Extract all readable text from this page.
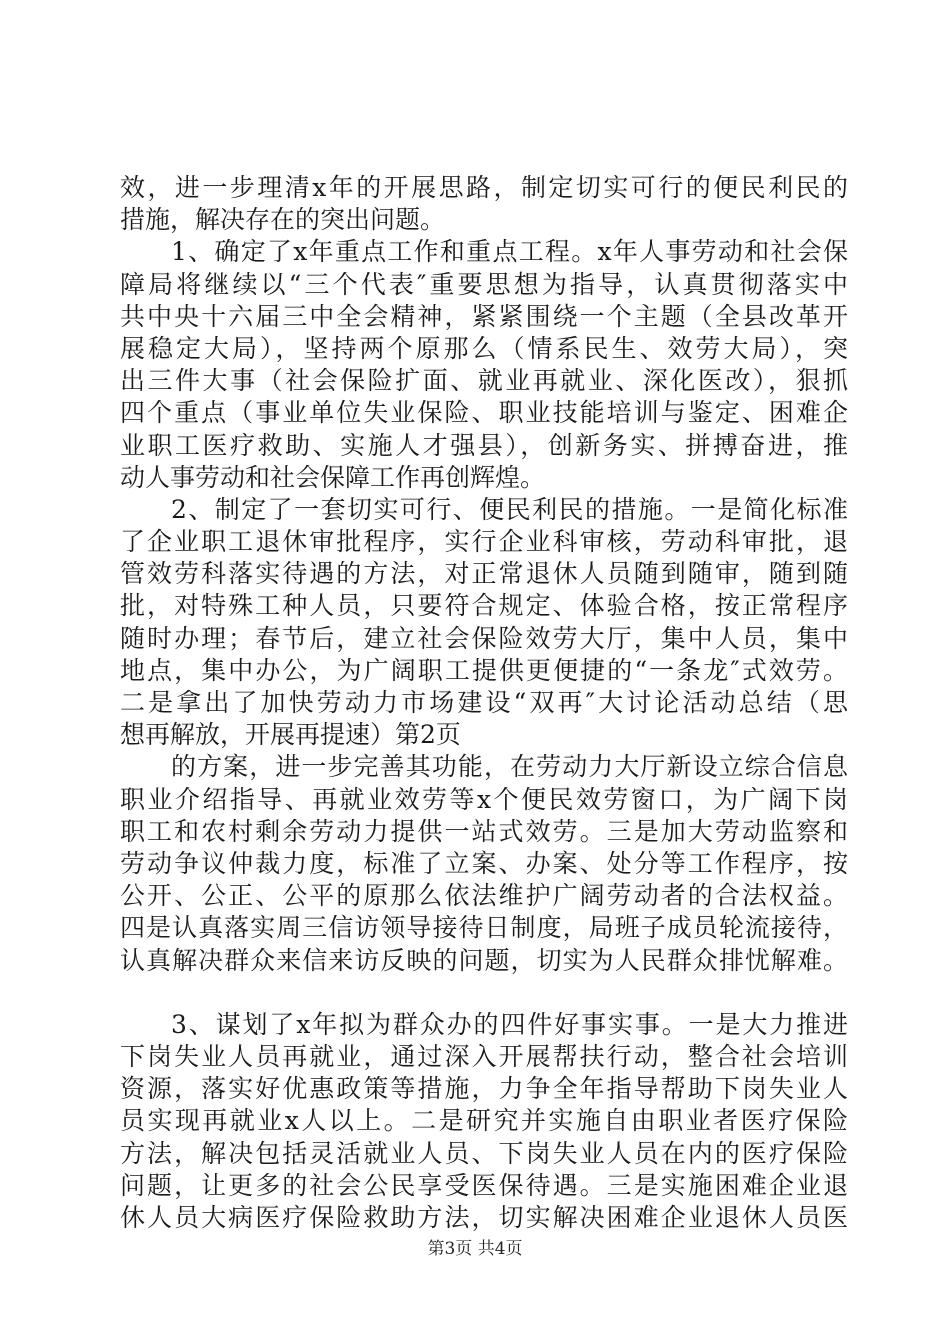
效，进一步理清x年的开展思路，制定切实可行的便民利民的
措施，解决存在的突出问题。
1、确定了x年重点工作和重点工程。x年人事劳动和社会保
障局将继续以“三个代表″重要思想为指导，认真贯彻落实中
共中央十六届三中全会精神，紧紧围绕一个主题（全县改革开
展稳定大局），坚持两个原那么（情系民生、效劳大局），突
出三件大事（社会保险扩面、就业再就业、深化医改），狠抓
四个重点（事业单位失业保险、职业技能培训与鉴定、困难企
业职工医疗救助、实施人才强县），创新务实、拼搏奋进，推
动人事劳动和社会保障工作再创辉煌。
2、制定了一套切实可行、便民利民的措施。一是简化标准
了企业职工退休审批程序，实行企业科审核，劳动科审批，退
管效劳科落实待遇的方法，对正常退休人员随到随审，随到随
批，对特殊工种人员，只要符合规定、体验合格，按正常程序
随时办理；春节后，建立社会保险效劳大厅，集中人员，集中
地点，集中办公，为广阔职工提供更便捷的“一条龙″式效劳。
二是拿出了加快劳动力市场建设“双再″大讨论活动总结（思
想再解放，开展再提速）第2页
的方案，进一步完善其功能，在劳动力大厅新设立综合信息
职业介绍指导、再就业效劳等x个便民效劳窗口，为广阔下岗
职工和农村剩余劳动力提供一站式效劳。三是加大劳动监察和
劳动争议仲裁力度，标准了立案、办案、处分等工作程序，按
公开、公正、公平的原那么依法维护广阔劳动者的合法权益。
四是认真落实周三信访领导接待日制度，局班子成员轮流接待，
认真解决群众来信来访反映的问题，切实为人民群众排忧解难。
3、谋划了x年拟为群众办的四件好事实事。一是大力推进
下岗失业人员再就业，通过深入开展帮扶行动，整合社会培训
资源，落实好优惠政策等措施，力争全年指导帮助下岗失业人
员实现再就业x人以上。二是研究并实施自由职业者医疗保险
方法，解决包括灵活就业人员、下岗失业人员在内的医疗保险
问题，让更多的社会公民享受医保待遇。三是实施困难企业退
休人员大病医疗保险救助方法，切实解决困难企业退休人员医
第3页 共4页
